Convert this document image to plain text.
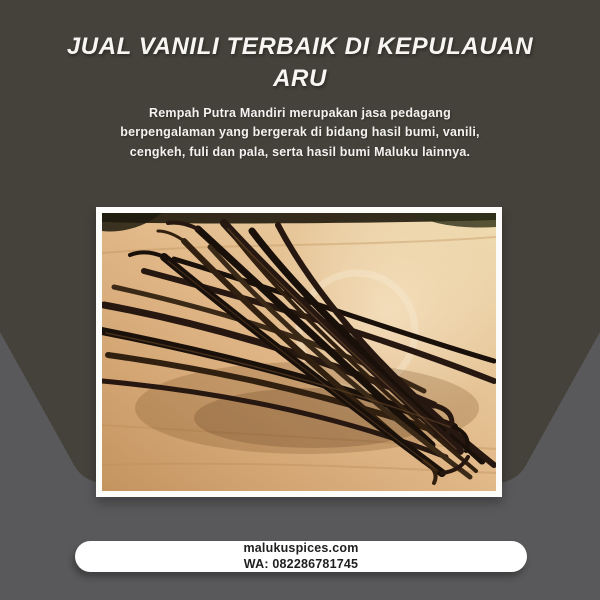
JUAL VANILI TERBAIK DI KEPULAUAN
ARU
Rempah Putra Mandiri merupakan jasa pedagang berpengalaman yang bergerak di bidang hasil bumi, vanili, cengkeh, fuli dan pala, serta hasil bumi Maluku lainnya.
malukuspices.com
WA: 082286781745
